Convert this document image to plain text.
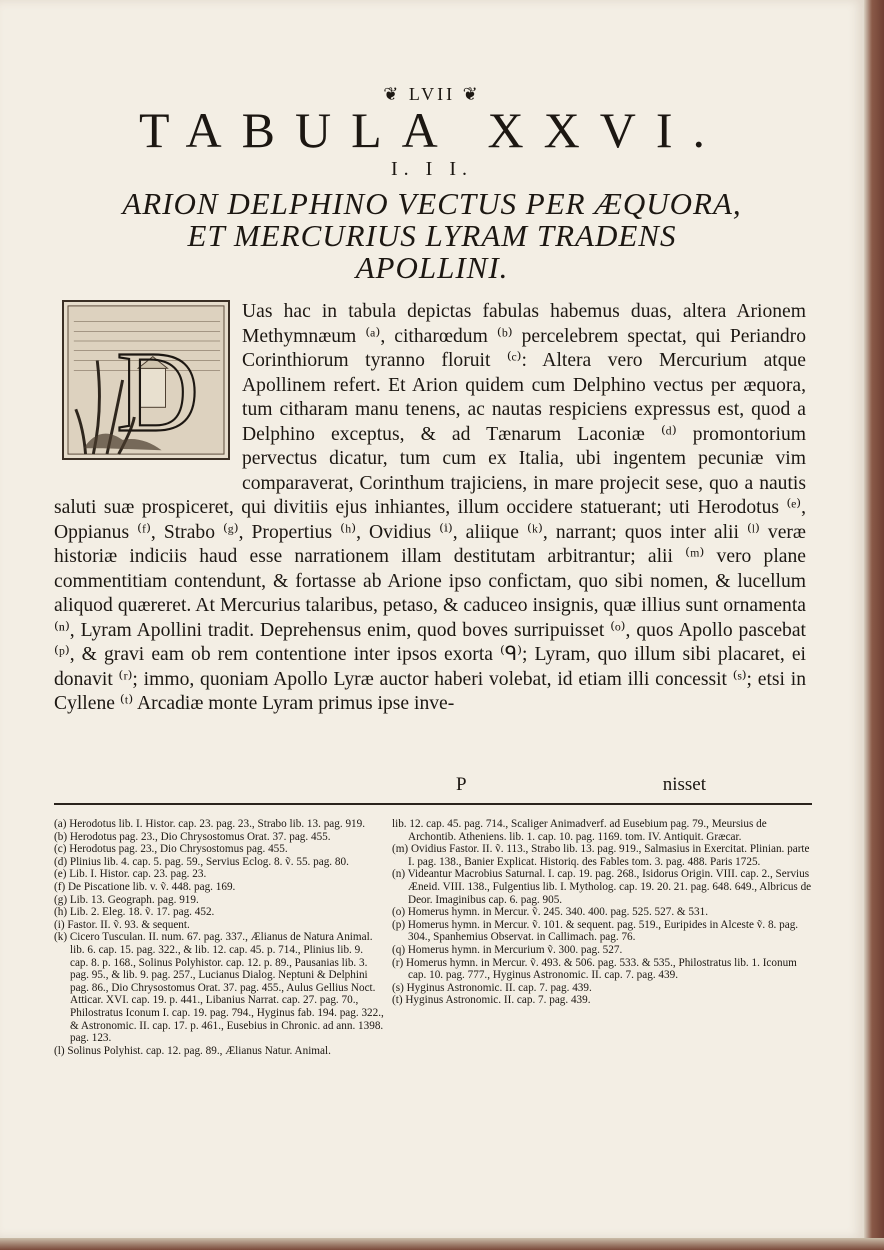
❦ LVII ❦
TABULA XXVI.
I. I I.
ARION DELPHINO VECTUS PER ÆQUORA,
ET MERCURIUS LYRAM TRADENS
APOLLINI.
D
Uas hac in tabula depictas fabulas habemus duas, altera Arionem Methymnæum ⁽ᵃ⁾, citharœdum ⁽ᵇ⁾ percelebrem spectat, qui Periandro Corinthiorum tyranno floruit ⁽ᶜ⁾: Altera vero Mercurium atque Apollinem refert. Et Arion quidem cum Delphino vectus per æquora, tum citharam manu tenens, ac nautas respiciens expressus est, quod a Delphino exceptus, & ad Tænarum Laconiæ ⁽ᵈ⁾ promontorium pervectus dicatur, tum cum ex Italia, ubi ingentem pecuniæ vim comparaverat, Corinthum trajiciens, in mare projecit sese, quo a nautis saluti suæ prospiceret, qui divitiis ejus inhiantes, illum occidere statuerant; uti Herodotus ⁽ᵉ⁾, Oppianus ⁽ᶠ⁾, Strabo ⁽ᵍ⁾, Propertius ⁽ʰ⁾, Ovidius ⁽ⁱ⁾, aliique ⁽ᵏ⁾, narrant; quos inter alii ⁽ˡ⁾ veræ historiæ indiciis haud esse narrationem illam destitutam arbitrantur; alii ⁽ᵐ⁾ vero plane commentitiam contendunt, & fortasse ab Arione ipso confictam, quo sibi nomen, & lucellum aliquod quæreret. At Mercurius talaribus, petaso, & caduceo insignis, quæ illius sunt ornamenta ⁽ⁿ⁾, Lyram Apollini tradit. Deprehensus enim, quod boves surripuisset ⁽ᵒ⁾, quos Apollo pascebat ⁽ᵖ⁾, & gravi eam ob rem contentione inter ipsos exorta ⁽ᑫ⁾; Lyram, quo illum sibi placaret, ei donavit ⁽ʳ⁾; immo, quoniam Apollo Lyræ auctor haberi volebat, id etiam illi concessit ⁽ˢ⁾; etsi in Cyllene ⁽ᵗ⁾ Arcadiæ monte Lyram primus ipse inve-
P	nisset

(a) Herodotus lib. I. Histor. cap. 23. pag. 23., Strabo lib. 13. pag. 919.

(b) Herodotus pag. 23., Dio Chrysostomus Orat. 37. pag. 455.

(c) Herodotus pag. 23., Dio Chrysostomus pag. 455.

(d) Plinius lib. 4. cap. 5. pag. 59., Servius Eclog. 8. ṽ. 55. pag. 80.

(e) Lib. I. Histor. cap. 23. pag. 23.

(f) De Piscatione lib. v. ṽ. 448. pag. 169.

(g) Lib. 13. Geograph. pag. 919.

(h) Lib. 2. Eleg. 18. ṽ. 17. pag. 452.

(i) Fastor. II. ṽ. 93. & sequent.

(k) Cicero Tusculan. II. num. 67. pag. 337., Ælianus de Natura Animal. lib. 6. cap. 15. pag. 322., & lib. 12. cap. 45. p. 714., Plinius lib. 9. cap. 8. p. 168., Solinus Polyhistor. cap. 12. p. 89., Pausanias lib. 3. pag. 95., & lib. 9. pag. 257., Lucianus Dialog. Neptuni & Delphini pag. 86., Dio Chrysostomus Orat. 37. pag. 455., Aulus Gellius Noct. Atticar. XVI. cap. 19. p. 441., Libanius Narrat. cap. 27. pag. 70., Philostratus Iconum I. cap. 19. pag. 794., Hyginus fab. 194. pag. 322., & Astronomic. II. cap. 17. p. 461., Eusebius in Chronic. ad ann. 1398. pag. 123.

(l) Solinus Polyhist. cap. 12. pag. 89., Ælianus Natur. Animal.

lib. 12. cap. 45. pag. 714., Scaliger Animadverf. ad Eusebium pag. 79., Meursius de Archontib. Atheniens. lib. 1. cap. 10. pag. 1169. tom. IV. Antiquit. Græcar.

(m) Ovidius Fastor. II. ṽ. 113., Strabo lib. 13. pag. 919., Salmasius in Exercitat. Plinian. parte I. pag. 138., Banier Explicat. Historiq. des Fables tom. 3. pag. 488. Paris 1725.

(n) Videantur Macrobius Saturnal. I. cap. 19. pag. 268., Isidorus Origin. VIII. cap. 2., Servius Æneid. VIII. 138., Fulgentius lib. I. Mytholog. cap. 19. 20. 21. pag. 648. 649., Albricus de Deor. Imaginibus cap. 6. pag. 905.

(o) Homerus hymn. in Mercur. ṽ. 245. 340. 400. pag. 525. 527. & 531.

(p) Homerus hymn. in Mercur. ṽ. 101. & sequent. pag. 519., Euripides in Alceste ṽ. 8. pag. 304., Spanhemius Observat. in Callimach. pag. 76.

(q) Homerus hymn. in Mercurium ṽ. 300. pag. 527.

(r) Homerus hymn. in Mercur. ṽ. 493. & 506. pag. 533. & 535., Philostratus lib. 1. Iconum cap. 10. pag. 777., Hyginus Astronomic. II. cap. 7. pag. 439.

(s) Hyginus Astronomic. II. cap. 7. pag. 439.

(t) Hyginus Astronomic. II. cap. 7. pag. 439.
